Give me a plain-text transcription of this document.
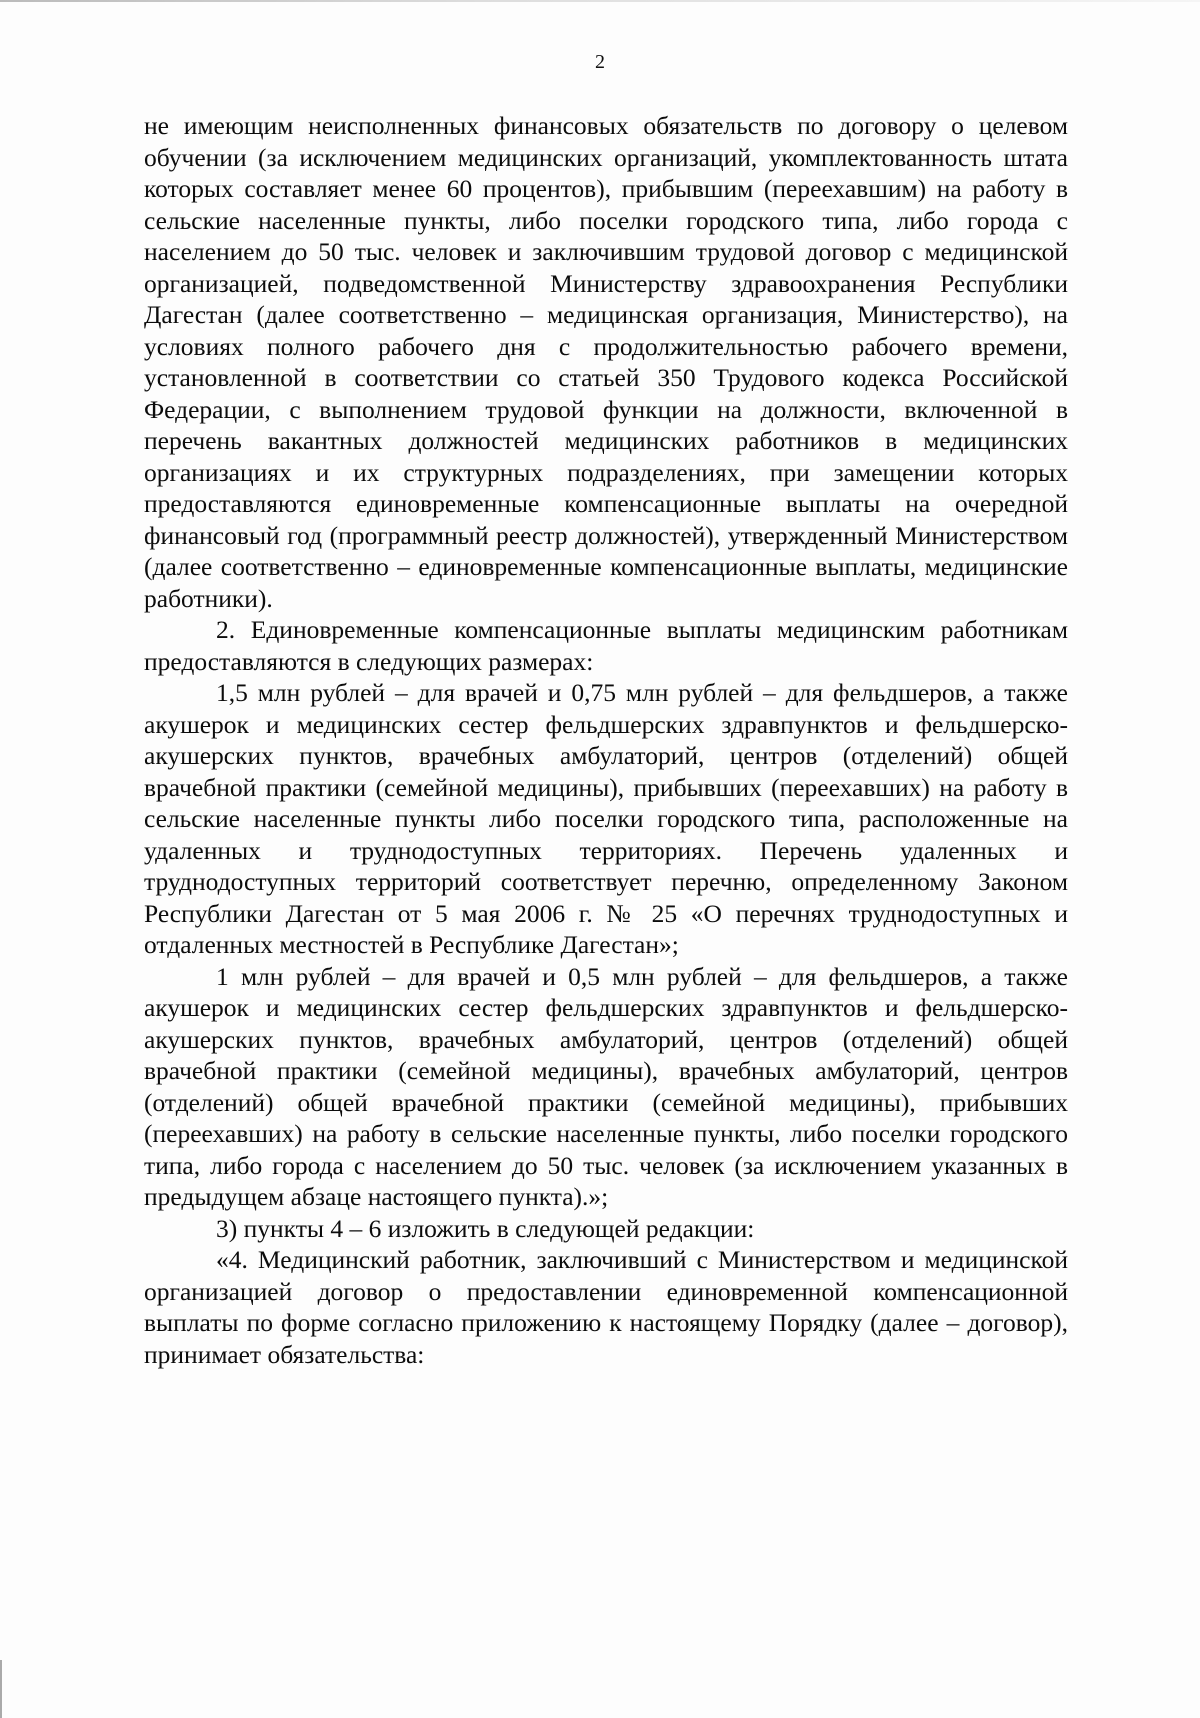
2

не имеющим неисполненных финансовых обязательств по договору о целевом обучении (за исключением медицинских организаций, укомплектованность штата которых составляет менее 60 процентов), прибывшим (переехавшим) на работу в сельские населенные пункты, либо поселки городского типа, либо города с населением до 50 тыс. человек и заключившим трудовой договор с медицинской организацией, подведомственной Министерству здравоохранения Республики Дагестан (далее соответственно – медицинская организация, Министерство), на условиях полного рабочего дня с продолжительностью рабочего времени, установленной в соответствии со статьей 350 Трудового кодекса Российской Федерации, с выполнением трудовой функции на должности, включенной в перечень вакантных должностей медицинских работников в медицинских организациях и их структурных подразделениях, при замещении которых предоставляются единовременные компенсационные выплаты на очередной финансовый год (программный реестр должностей), утвержденный Министерством (далее соответственно – единовременные компенсационные выплаты, медицинские работники).

2. Единовременные компенсационные выплаты медицинским работникам предоставляются в следующих размерах:

1,5 млн рублей – для врачей и 0,75 млн рублей – для фельдшеров, а также акушерок и медицинских сестер фельдшерских здравпунктов и фельдшерско-акушерских пунктов, врачебных амбулаторий, центров (отделений) общей врачебной практики (семейной медицины), прибывших (переехавших) на работу в сельские населенные пункты либо поселки городского типа, расположенные на удаленных и труднодоступных территориях. Перечень удаленных и труднодоступных территорий соответствует перечню, определенному Законом Республики Дагестан от 5 мая 2006 г. № 25 «О перечнях труднодоступных и отдаленных местностей в Республике Дагестан»;

1 млн рублей – для врачей и 0,5 млн рублей – для фельдшеров, а также акушерок и медицинских сестер фельдшерских здравпунктов и фельдшерско-акушерских пунктов, врачебных амбулаторий, центров (отделений) общей врачебной практики (семейной медицины), врачебных амбулаторий, центров (отделений) общей врачебной практики (семейной медицины), прибывших (переехавших) на работу в сельские населенные пункты, либо поселки городского типа, либо города с населением до 50 тыс. человек (за исключением указанных в предыдущем абзаце настоящего пункта).»;

3) пункты 4 – 6 изложить в следующей редакции:

«4. Медицинский работник, заключивший с Министерством и медицинской организацией договор о предоставлении единовременной компенсационной выплаты по форме согласно приложению к настоящему Порядку (далее – договор), принимает обязательства:
